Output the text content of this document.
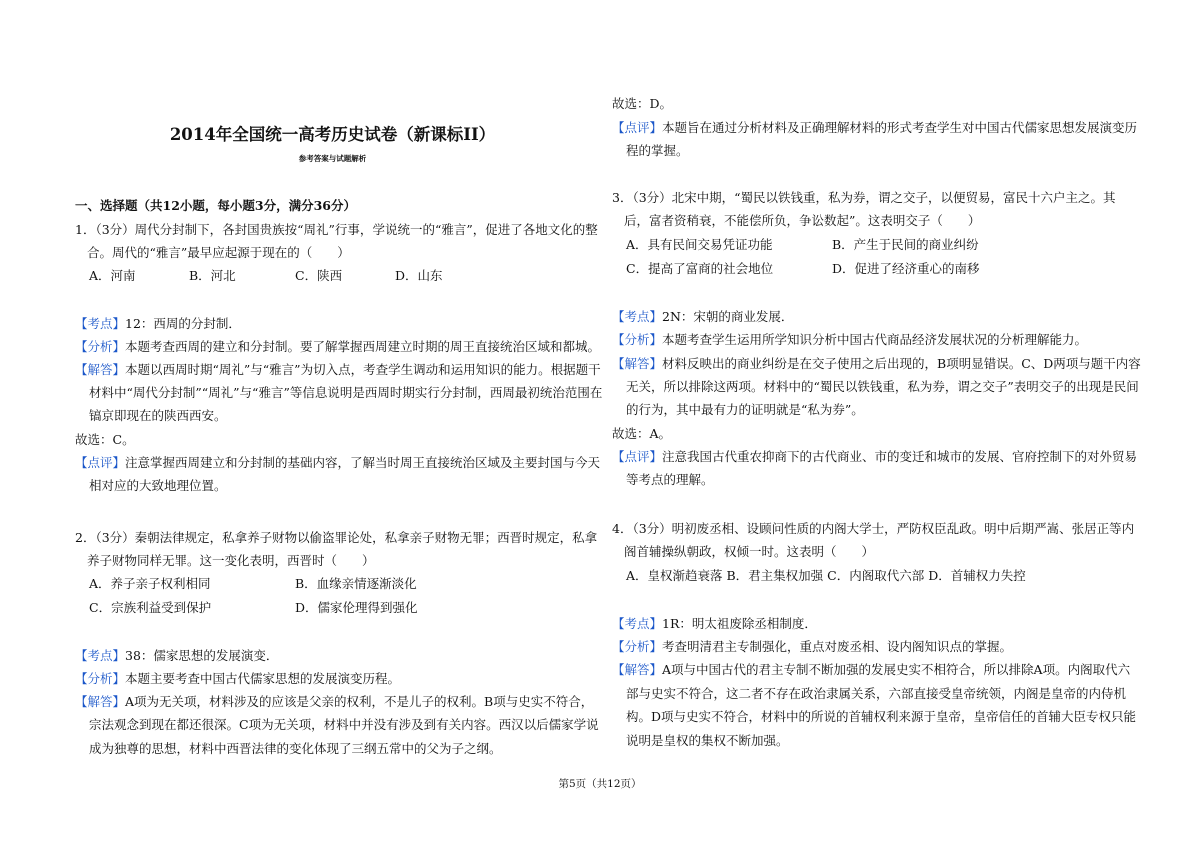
2014年全国统一高考历史试卷（新课标II）
参考答案与试题解析
一、选择题（共12小题，每小题3分，满分36分）
1．（3分）周代分封制下，各封国贵族按“周礼”行事，学说统一的“雅言”，促进了各地文化的整
合。周代的“雅言”最早应起源于现在的（　　）
A．河南	B．河北	C．陕西	D．山东
【考点】12：西周的分封制．
【分析】本题考查西周的建立和分封制。要了解掌握西周建立时期的周王直接统治区域和都城。
【解答】本题以西周时期“周礼”与“雅言”为切入点，考查学生调动和运用知识的能力。根据题干
材料中“周代分封制”“周礼”与“雅言”等信息说明是西周时期实行分封制，西周最初统治范围在
镐京即现在的陕西西安。
故选：C。
【点评】注意掌握西周建立和分封制的基础内容，了解当时周王直接统治区域及主要封国与今天
相对应的大致地理位置。
2．（3分）秦朝法律规定，私拿养子财物以偷盗罪论处，私拿亲子财物无罪；西晋时规定，私拿
养子财物同样无罪。这一变化表明，西晋时（　　）
A．养子亲子权利相同	B．血缘亲情逐渐淡化
C．宗族利益受到保护	D．儒家伦理得到强化
【考点】38：儒家思想的发展演变．
【分析】本题主要考查中国古代儒家思想的发展演变历程。
【解答】A项为无关项，材料涉及的应该是父亲的权利，不是儿子的权利。B项与史实不符合，
宗法观念到现在都还很深。C项为无关项，材料中并没有涉及到有关内容。西汉以后儒家学说
成为独尊的思想，材料中西晋法律的变化体现了三纲五常中的父为子之纲。
故选：D。
【点评】本题旨在通过分析材料及正确理解材料的形式考查学生对中国古代儒家思想发展演变历
程的掌握。
3．（3分）北宋中期，“蜀民以铁钱重，私为券，谓之交子，以便贸易，富民十六户主之。其
后，富者资稍衰，不能偿所负，争讼数起”。这表明交子（　　）
A．具有民间交易凭证功能	B．产生于民间的商业纠纷
C．提高了富商的社会地位	D．促进了经济重心的南移
【考点】2N：宋朝的商业发展．
【分析】本题考查学生运用所学知识分析中国古代商品经济发展状况的分析理解能力。
【解答】材料反映出的商业纠纷是在交子使用之后出现的，B项明显错误。C、D两项与题干内容
无关，所以排除这两项。材料中的“蜀民以铁钱重，私为券，谓之交子”表明交子的出现是民间
的行为，其中最有力的证明就是“私为券”。
故选：A。
【点评】注意我国古代重农抑商下的古代商业、市的变迁和城市的发展、官府控制下的对外贸易
等考点的理解。
4．（3分）明初废丞相、设顾问性质的内阁大学士，严防权臣乱政。明中后期严嵩、张居正等内
阁首辅操纵朝政，权倾一时。这表明（　　）
A．皇权渐趋衰落 B．君主集权加强 C．内阁取代六部 D．首辅权力失控
【考点】1R：明太祖废除丞相制度．
【分析】考查明清君主专制强化，重点对废丞相、设内阁知识点的掌握。
【解答】A项与中国古代的君主专制不断加强的发展史实不相符合，所以排除A项。内阁取代六
部与史实不符合，这二者不存在政治隶属关系，六部直接受皇帝统领，内阁是皇帝的内侍机
构。D项与史实不符合，材料中的所说的首辅权利来源于皇帝，皇帝信任的首辅大臣专权只能
说明是皇权的集权不断加强。
第5页（共12页）
